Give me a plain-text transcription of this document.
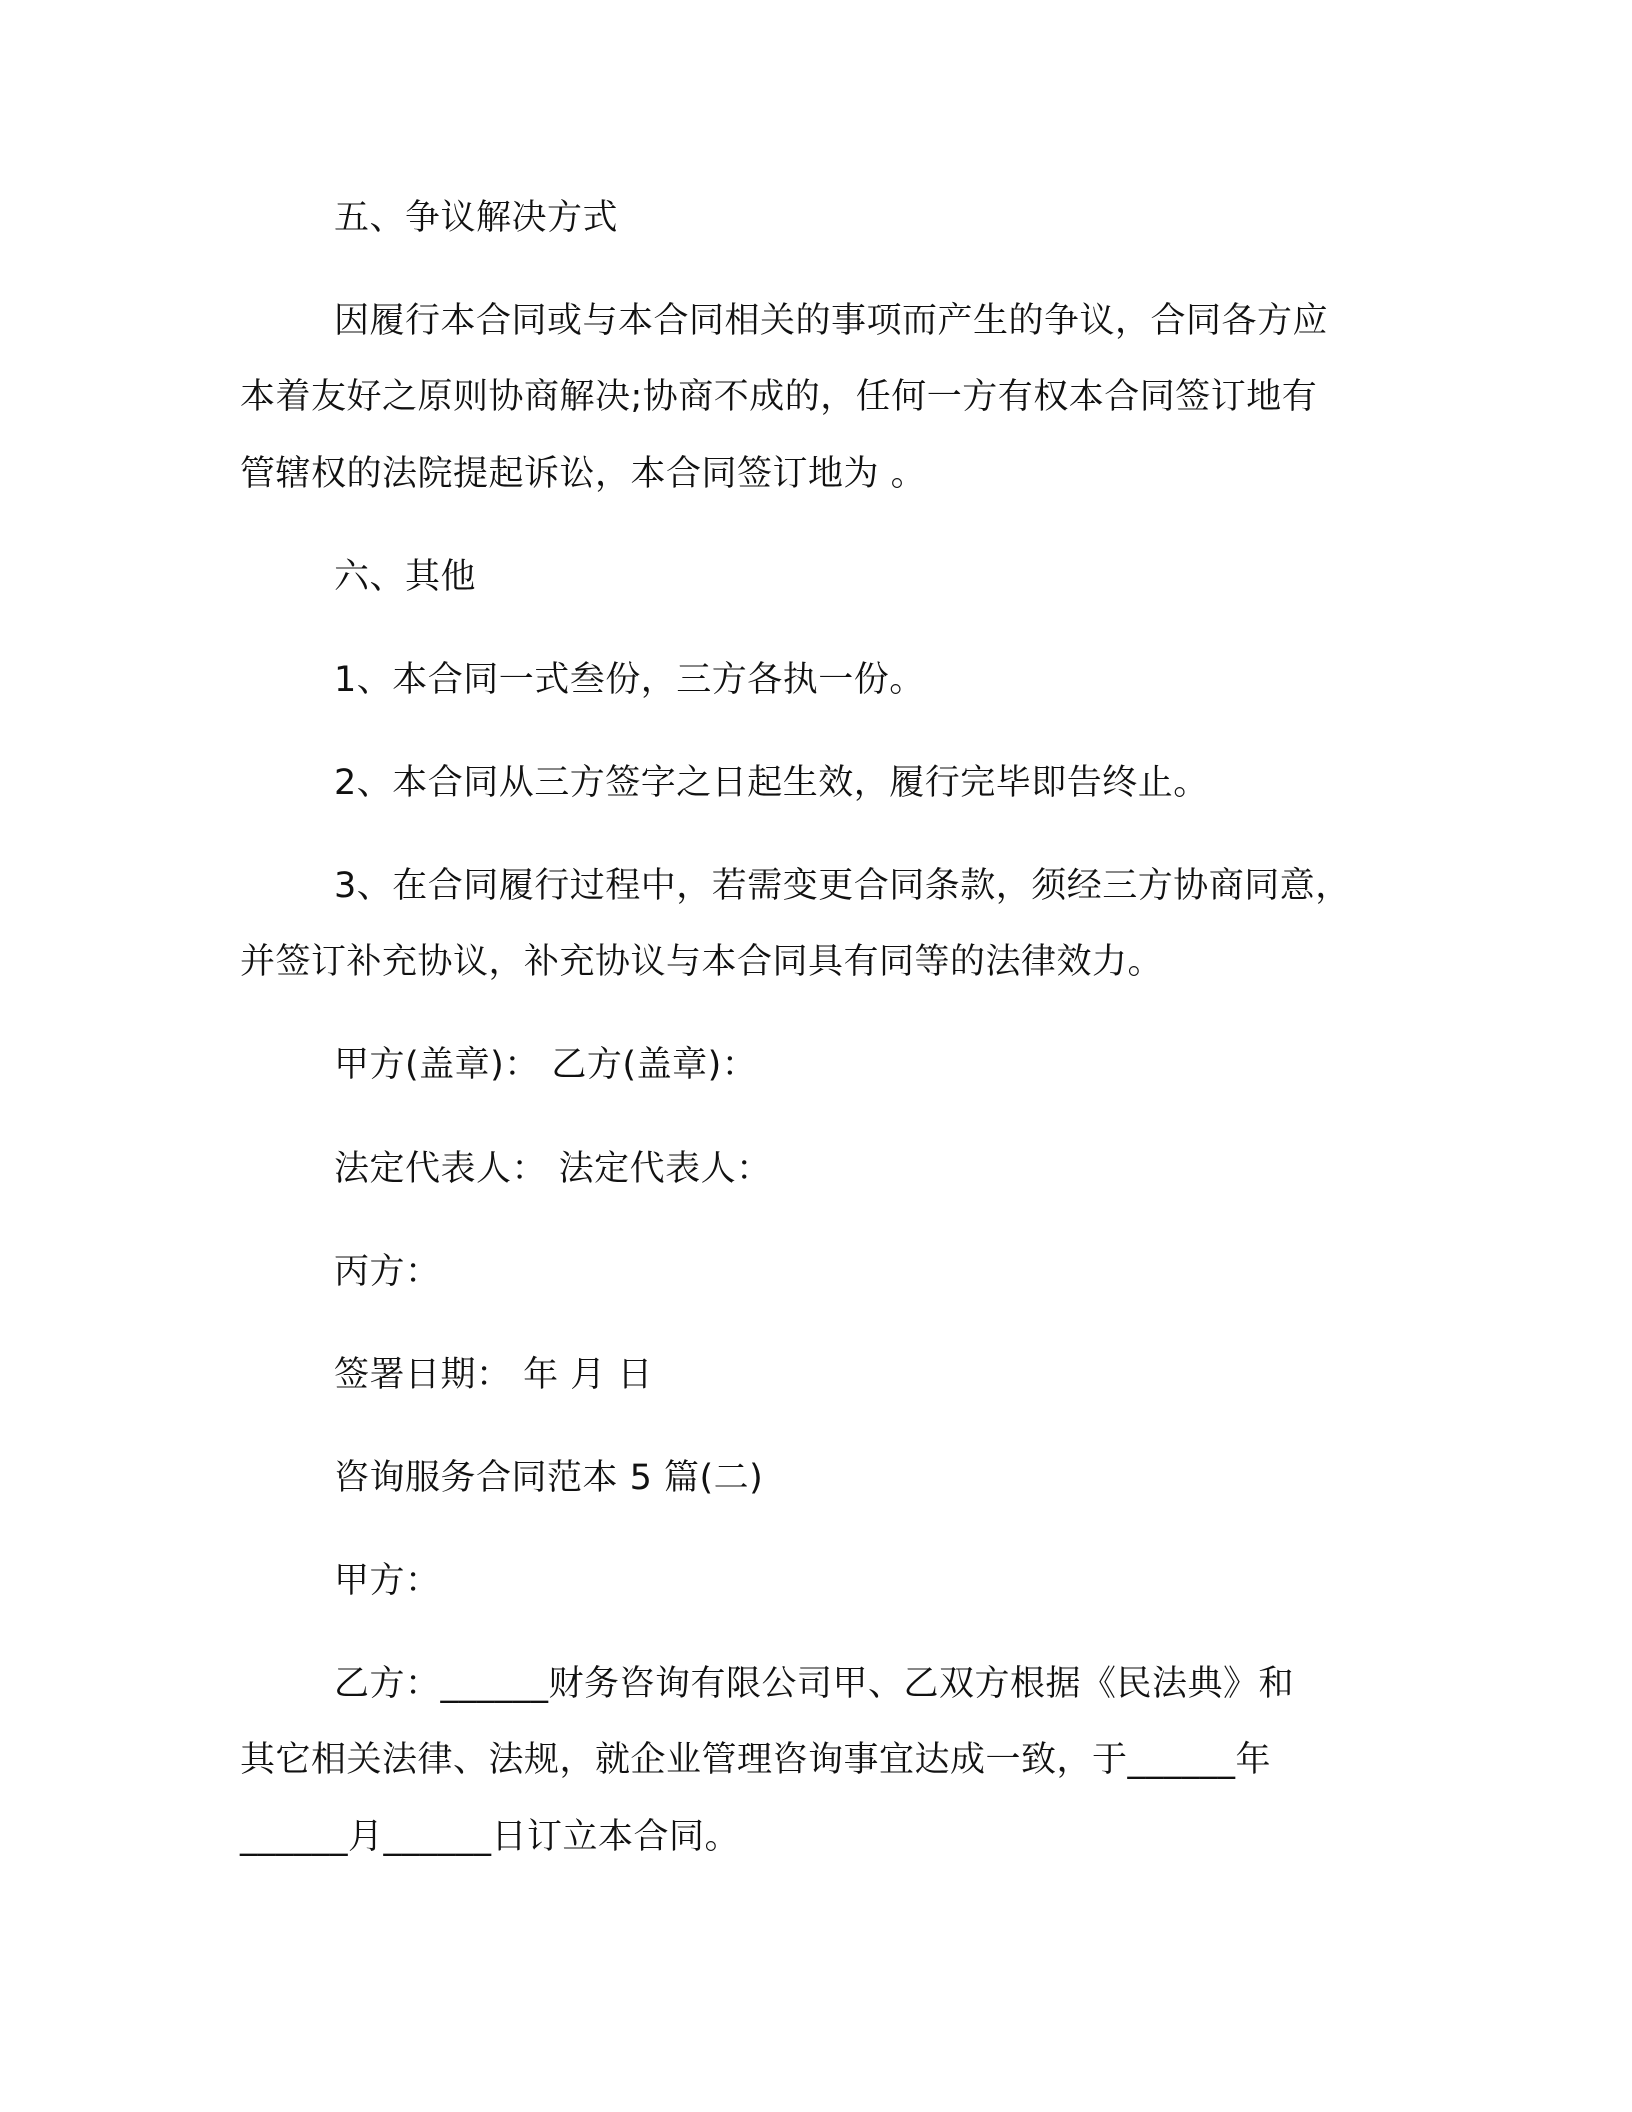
五、争议解决方式
因履行本合同或与本合同相关的事项而产生的争议，合同各方应
本着友好之原则协商解决;协商不成的，任何一方有权本合同签订地有
管辖权的法院提起诉讼，本合同签订地为 。
六、其他
1、本合同一式叁份，三方各执一份。
2、本合同从三方签字之日起生效，履行完毕即告终止。
3、在合同履行过程中，若需变更合同条款，须经三方协商同意，
并签订补充协议，补充协议与本合同具有同等的法律效力。
甲方(盖章)： 乙方(盖章)：
法定代表人： 法定代表人：
丙方：
签署日期： 年 月 日
咨询服务合同范本 5 篇(二)
甲方：
乙方：______财务咨询有限公司甲、乙双方根据《民法典》和
其它相关法律、法规，就企业管理咨询事宜达成一致，于______年
______月______日订立本合同。
